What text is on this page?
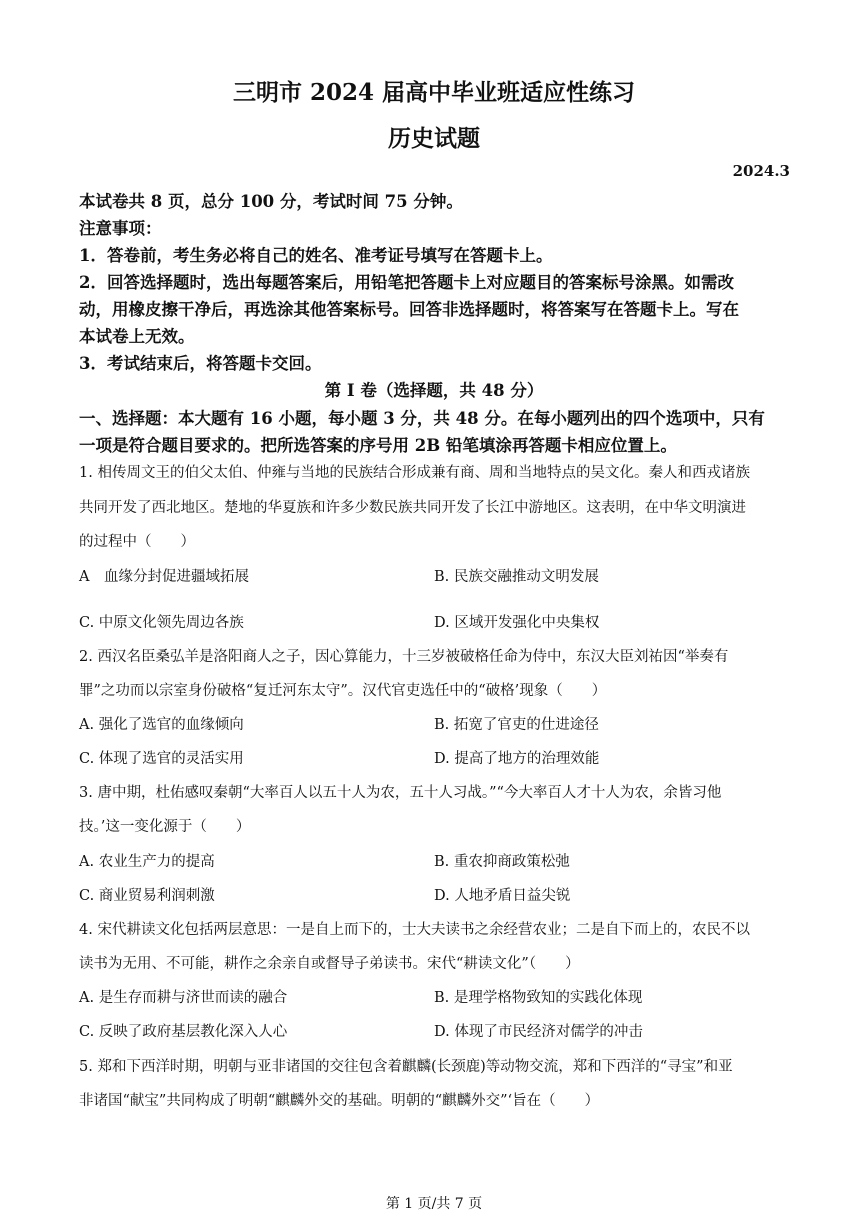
三明市 2024 届高中毕业班适应性练习
历史试题
2024.3
本试卷共 8 页，总分 100 分，考试时间 75 分钟。
注意事项：
1．答卷前，考生务必将自己的姓名、准考证号填写在答题卡上。
2．回答选择题时，选出每题答案后，用铅笔把答题卡上对应题目的答案标号涂黑。如需改
动，用橡皮擦干净后，再选涂其他答案标号。回答非选择题时，将答案写在答题卡上。写在
本试卷上无效。
3．考试结束后，将答题卡交回。
第 I 卷（选择题，共 48 分）
一、选择题：本大题有 16 小题，每小题 3 分，共 48 分。在每小题列出的四个选项中，只有
一项是符合题目要求的。把所选答案的序号用 2B 铅笔填涂再答题卡相应位置上。
1. 相传周文王的伯父太伯、仲雍与当地的民族结合形成兼有商、周和当地特点的吴文化。秦人和西戎诸族
共同开发了西北地区。楚地的华夏族和许多少数民族共同开发了长江中游地区。这表明，在中华文明演进
的过程中（　　）
A　血缘分封促进疆域拓展	B. 民族交融推动文明发展
C. 中原文化领先周边各族	D. 区域开发强化中央集权
2. 西汉名臣桑弘羊是洛阳商人之子，因心算能力，十三岁被破格任命为侍中，东汉大臣刘祐因“举奏有
罪”之功而以宗室身份破格“复迁河东太守”。汉代官吏选任中的“破格’现象（　　）
A. 强化了选官的血缘倾向	B. 拓宽了官吏的仕进途径
C. 体现了选官的灵活实用	D. 提高了地方的治理效能
3. 唐中期，杜佑感叹秦朝“大率百人以五十人为农，五十人习战。”“今大率百人才十人为农，余皆习他
技。’这一变化源于（　　）
A. 农业生产力的提高	B. 重农抑商政策松弛
C. 商业贸易利润刺激	D. 人地矛盾日益尖锐
4. 宋代耕读文化包括两层意思：一是自上而下的，士大夫读书之余经营农业；二是自下而上的，农民不以
读书为无用、不可能，耕作之余亲自或督导子弟读书。宋代“耕读文化”（　　）
A. 是生存而耕与济世而读的融合	B. 是理学格物致知的实践化体现
C. 反映了政府基层教化深入人心	D. 体现了市民经济对儒学的冲击
5. 郑和下西洋时期，明朝与亚非诸国的交往包含着麒麟(长颈鹿)等动物交流，郑和下西洋的“寻宝”和亚
非诸国“献宝”共同构成了明朝“麒麟外交的基础。明朝的“麒麟外交”‘旨在（　　）
第 1 页/共 7 页
